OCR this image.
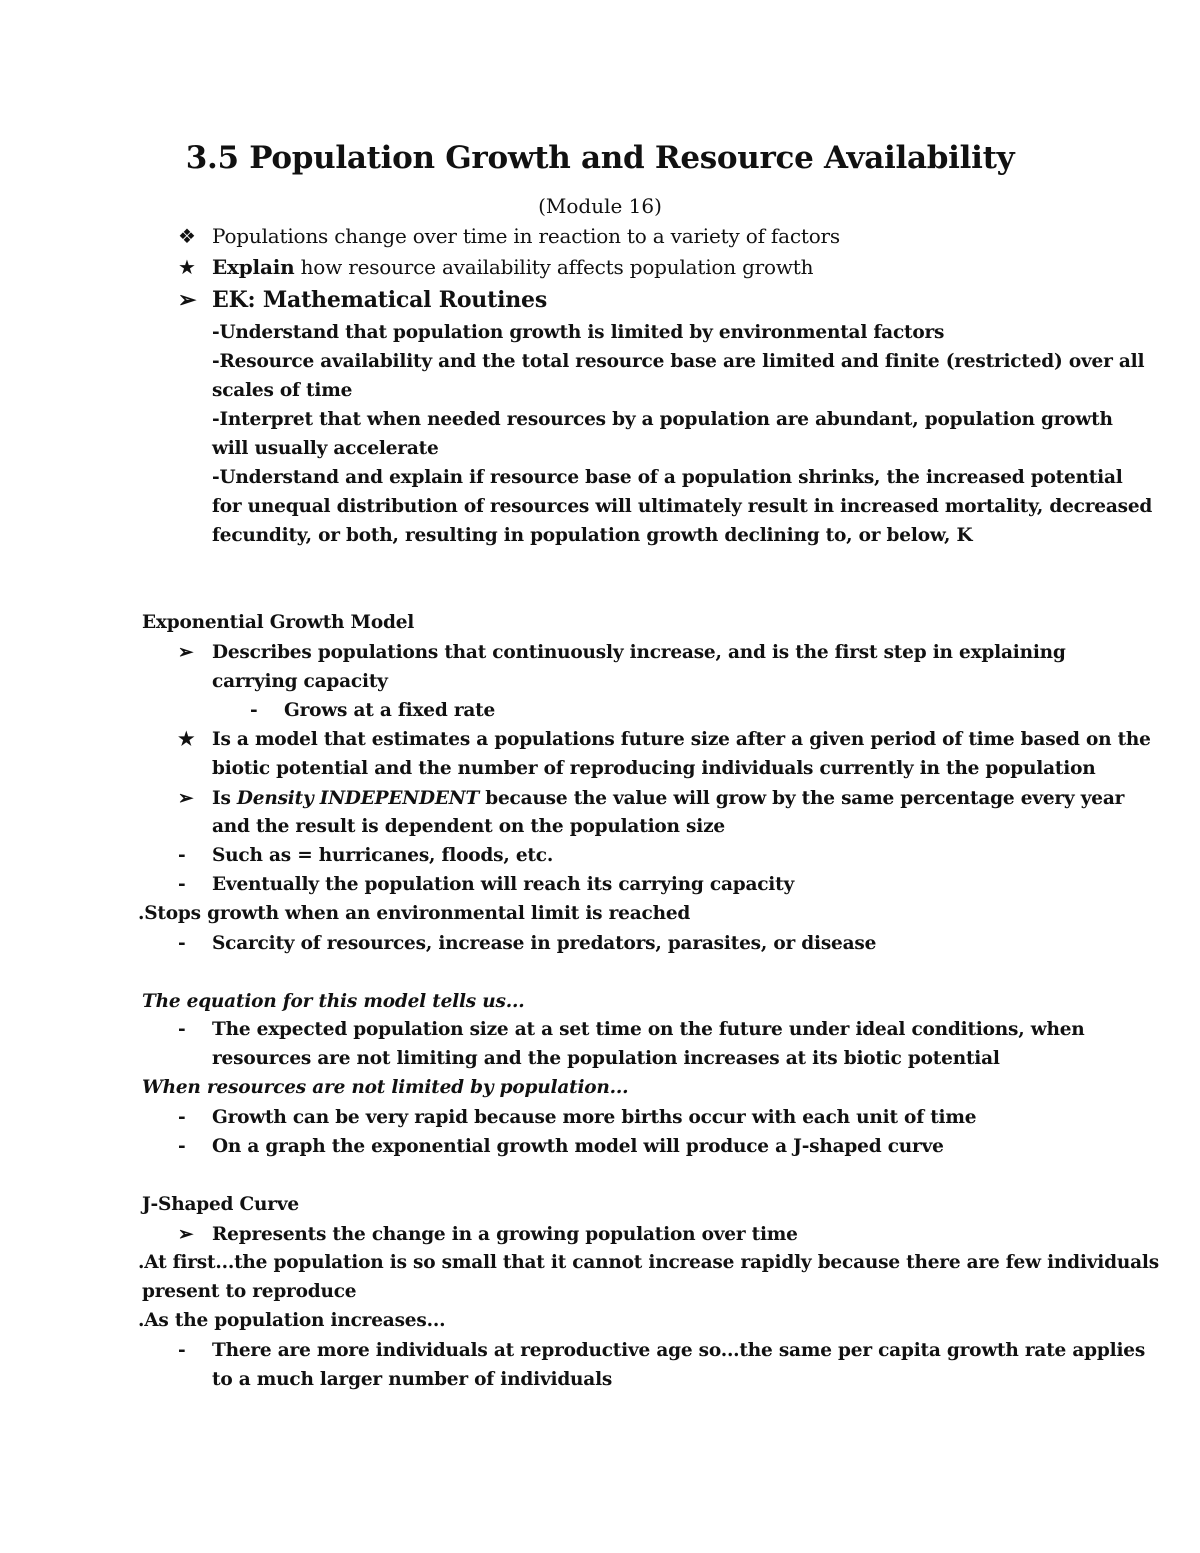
3.5 Population Growth and Resource Availability
(Module 16)
❖ Populations change over time in reaction to a variety of factors
★ Explain how resource availability affects population growth
➢ EK: Mathematical Routines
-Understand that population growth is limited by environmental factors
-Resource availability and the total resource base are limited and finite (restricted) over all
scales of time
-Interpret that when needed resources by a population are abundant, population growth
will usually accelerate
-Understand and explain if resource base of a population shrinks, the increased potential
for unequal distribution of resources will ultimately result in increased mortality, decreased
fecundity, or both, resulting in population growth declining to, or below, K
Exponential Growth Model
➢ Describes populations that continuously increase, and is the first step in explaining
carrying capacity
- Grows at a fixed rate
★ Is a model that estimates a populations future size after a given period of time based on the
biotic potential and the number of reproducing individuals currently in the population
➢ Is Density INDEPENDENT because the value will grow by the same percentage every year
and the result is dependent on the population size
- Such as = hurricanes, floods, etc.
- Eventually the population will reach its carrying capacity
.Stops growth when an environmental limit is reached
- Scarcity of resources, increase in predators, parasites, or disease
The equation for this model tells us...
- The expected population size at a set time on the future under ideal conditions, when
resources are not limiting and the population increases at its biotic potential
When resources are not limited by population...
- Growth can be very rapid because more births occur with each unit of time
- On a graph the exponential growth model will produce a J-shaped curve
J-Shaped Curve
➢ Represents the change in a growing population over time
.At first...the population is so small that it cannot increase rapidly because there are few individuals
present to reproduce
.As the population increases...
- There are more individuals at reproductive age so...the same per capita growth rate applies
to a much larger number of individuals
